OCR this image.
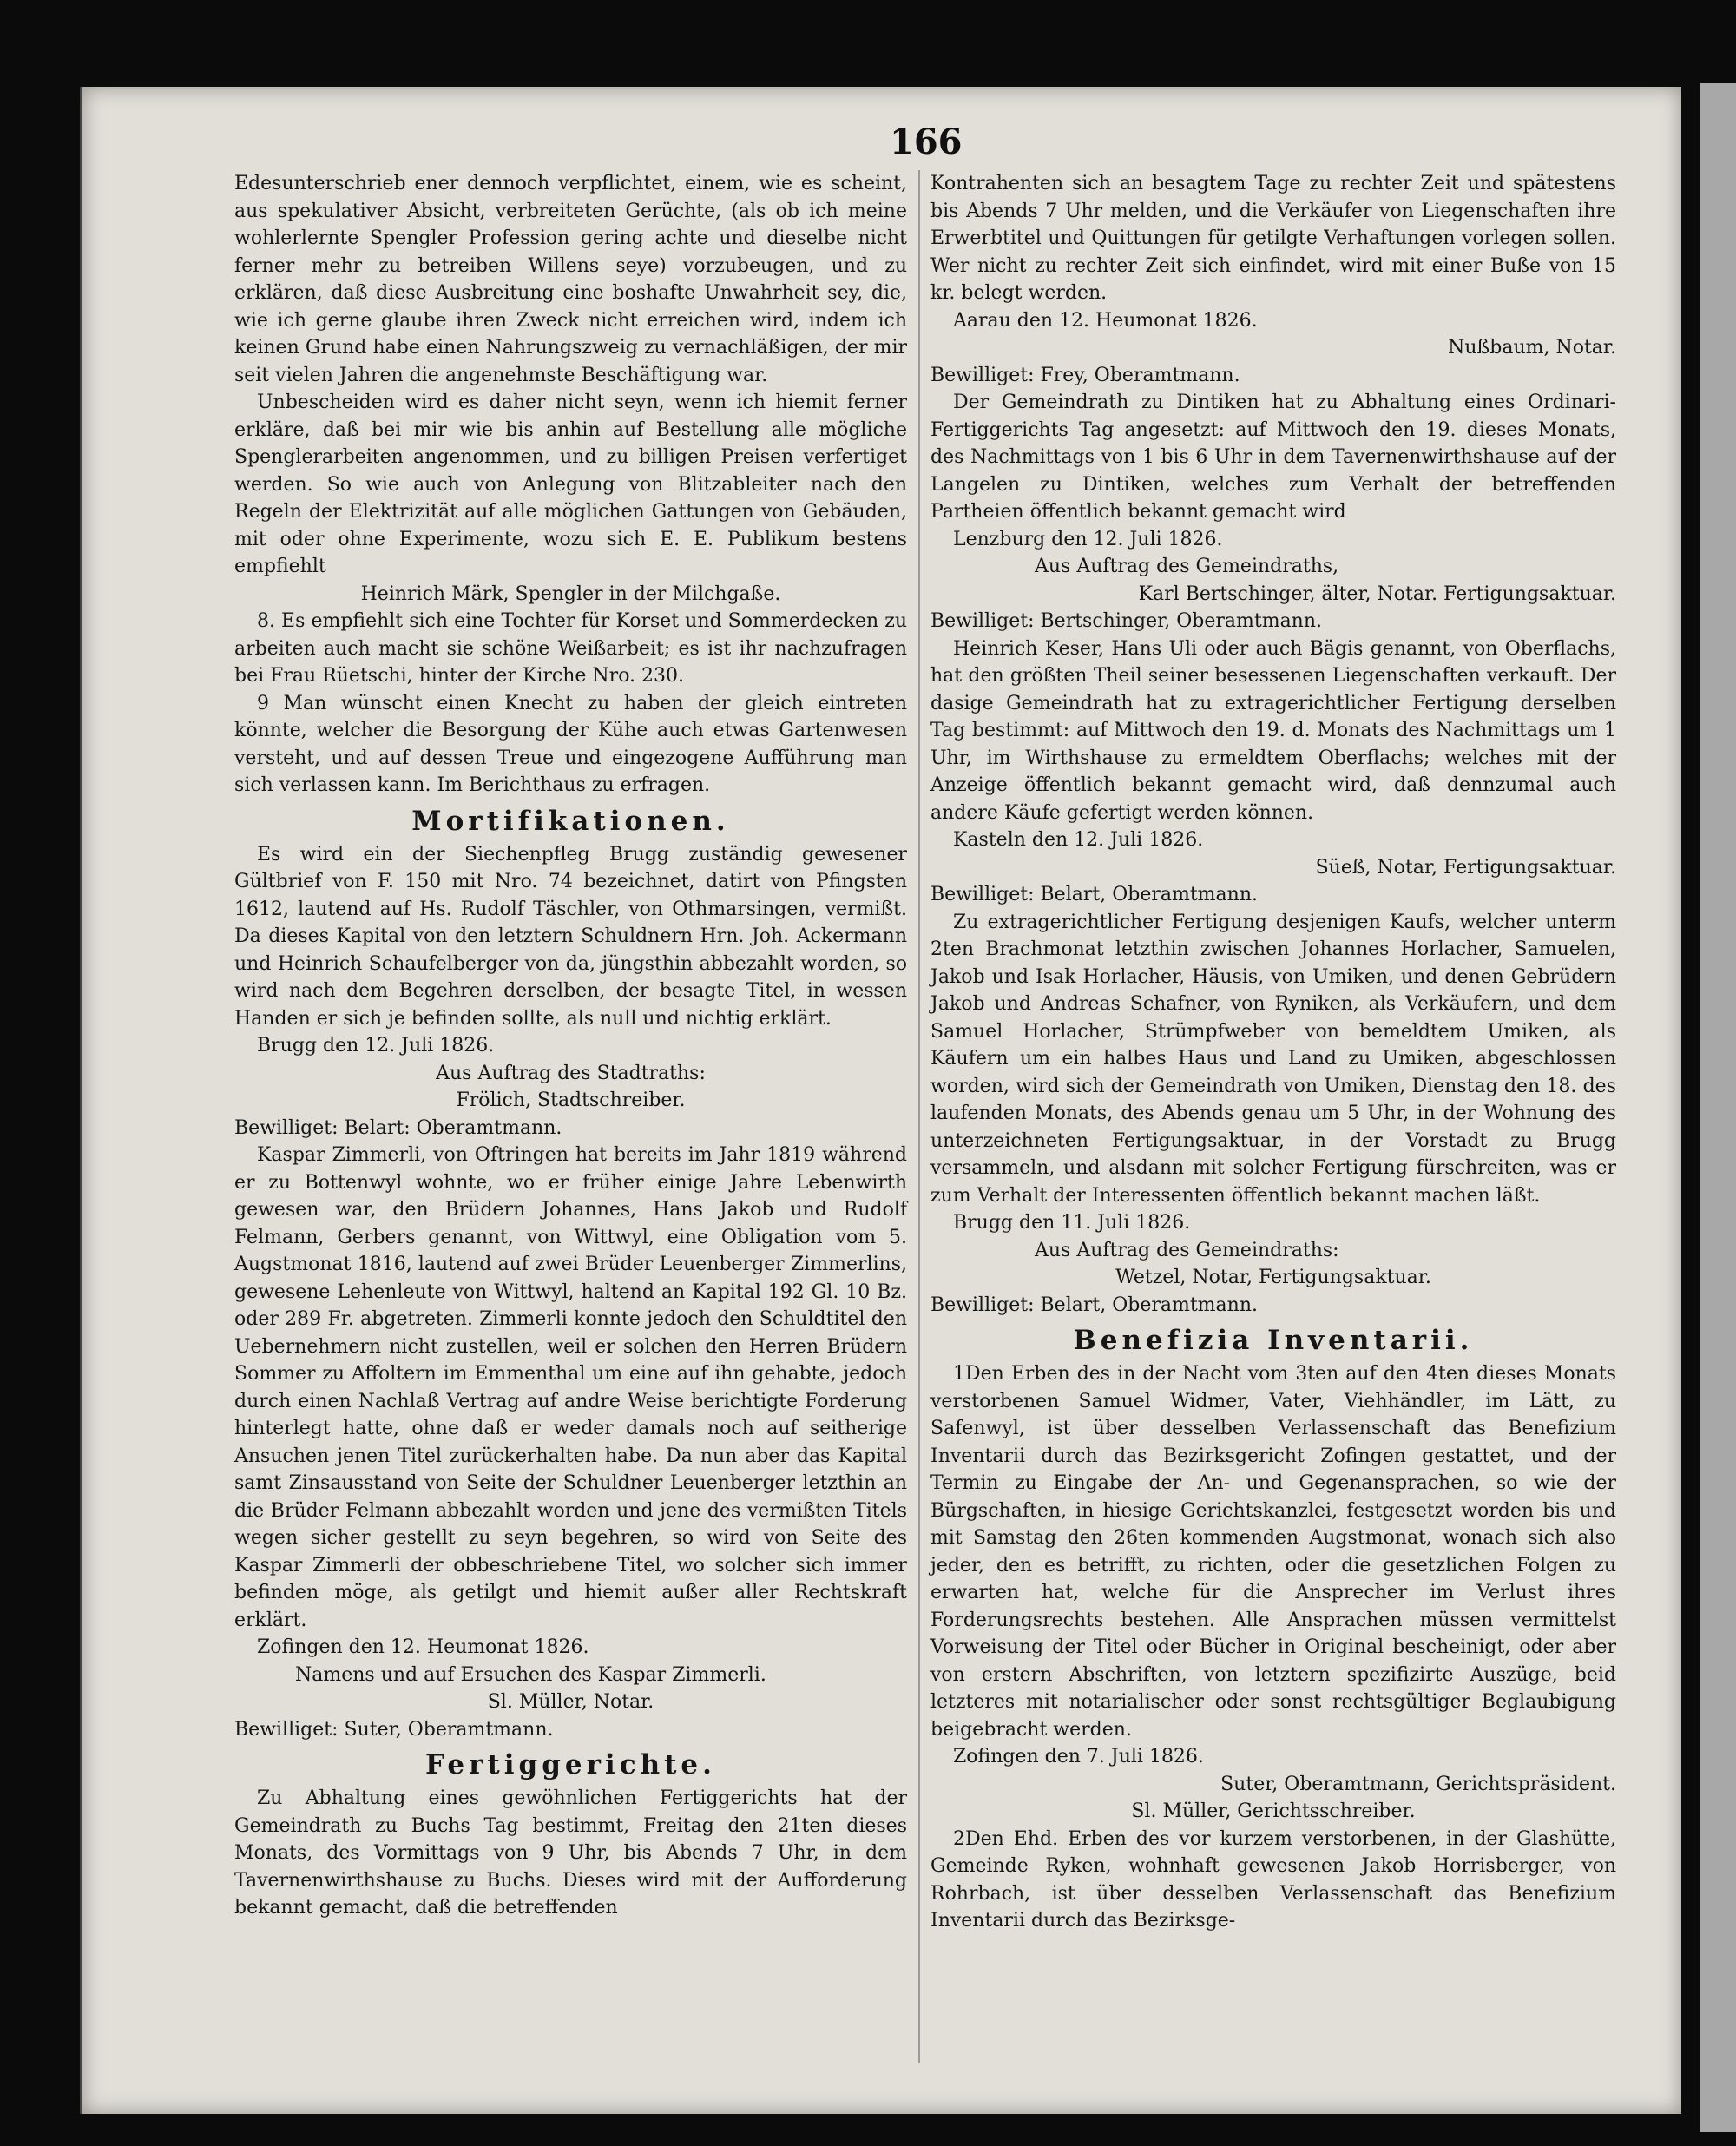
166

Edesunterschrieb ener dennoch verpflichtet, einem, wie es scheint, aus spekulativer Absicht, verbreiteten Gerüchte, (als ob ich meine wohlerlernte Spengler Profession gering achte und dieselbe nicht ferner mehr zu betreiben Willens seye) vorzubeugen, und zu erklären, daß diese Ausbreitung eine boshafte Unwahrheit sey, die, wie ich gerne glaube ihren Zweck nicht erreichen wird, indem ich keinen Grund habe einen Nahrungszweig zu vernachläßigen, der mir seit vielen Jahren die angenehmste Beschäftigung war.

Unbescheiden wird es daher nicht seyn, wenn ich hiemit ferner erkläre, daß bei mir wie bis anhin auf Bestellung alle mögliche Spenglerarbeiten angenommen, und zu billigen Preisen verfertiget werden. So wie auch von Anlegung von Blitzableiter nach den Regeln der Elektrizität auf alle möglichen Gattungen von Gebäuden, mit oder ohne Experimente, wozu sich E. E. Publikum bestens empfiehlt

Heinrich Märk, Spengler in der Milchgaße.

8. Es empfiehlt sich eine Tochter für Korset und Sommerdecken zu arbeiten auch macht sie schöne Weißarbeit; es ist ihr nachzufragen bei Frau Rüetschi, hinter der Kirche Nro. 230.

9 Man wünscht einen Knecht zu haben der gleich eintreten könnte, welcher die Besorgung der Kühe auch etwas Gartenwesen versteht, und auf dessen Treue und eingezogene Aufführung man sich verlassen kann. Im Berichthaus zu erfragen.

Mortifikationen.

Es wird ein der Siechenpfleg Brugg zuständig gewesener Gültbrief von F. 150 mit Nro. 74 bezeichnet, datirt von Pfingsten 1612, lautend auf Hs. Rudolf Täschler, von Othmarsingen, vermißt. Da dieses Kapital von den letztern Schuldnern Hrn. Joh. Ackermann und Heinrich Schaufelberger von da, jüngsthin abbezahlt worden, so wird nach dem Begehren derselben, der besagte Titel, in wessen Handen er sich je befinden sollte, als null und nichtig erklärt.

Brugg den 12. Juli 1826.

Aus Auftrag des Stadtraths:

Frölich, Stadtschreiber.

Bewilliget: Belart: Oberamtmann.

Kaspar Zimmerli, von Oftringen hat bereits im Jahr 1819 während er zu Bottenwyl wohnte, wo er früher einige Jahre Lebenwirth gewesen war, den Brüdern Johannes, Hans Jakob und Rudolf Felmann, Gerbers genannt, von Wittwyl, eine Obligation vom 5. Augstmonat 1816, lautend auf zwei Brüder Leuenberger Zimmerlins, gewesene Lehenleute von Wittwyl, haltend an Kapital 192 Gl. 10 Bz. oder 289 Fr. abgetreten. Zimmerli konnte jedoch den Schuldtitel den Uebernehmern nicht zustellen, weil er solchen den Herren Brüdern Sommer zu Affoltern im Emmenthal um eine auf ihn gehabte, jedoch durch einen Nachlaß Vertrag auf andre Weise berichtigte Forderung hinterlegt hatte, ohne daß er weder damals noch auf seitherige Ansuchen jenen Titel zurückerhalten habe. Da nun aber das Kapital samt Zinsausstand von Seite der Schuldner Leuenberger letzthin an die Brüder Felmann abbezahlt worden und jene des vermißten Titels wegen sicher gestellt zu seyn begehren, so wird von Seite des Kaspar Zimmerli der obbeschriebene Titel, wo solcher sich immer befinden möge, als getilgt und hiemit außer aller Rechtskraft erklärt.

Zofingen den 12. Heumonat 1826.

Namens und auf Ersuchen des Kaspar Zimmerli.

Sl. Müller, Notar.

Bewilliget: Suter, Oberamtmann.

Fertiggerichte.

Zu Abhaltung eines gewöhnlichen Fertiggerichts hat der Gemeindrath zu Buchs Tag bestimmt, Freitag den 21ten dieses Monats, des Vormittags von 9 Uhr, bis Abends 7 Uhr, in dem Tavernenwirthshause zu Buchs. Dieses wird mit der Aufforderung bekannt gemacht, daß die betreffenden

Kontrahenten sich an besagtem Tage zu rechter Zeit und spätestens bis Abends 7 Uhr melden, und die Verkäufer von Liegenschaften ihre Erwerbtitel und Quittungen für getilgte Verhaftungen vorlegen sollen. Wer nicht zu rechter Zeit sich einfindet, wird mit einer Buße von 15 kr. belegt werden.

Aarau den 12. Heumonat 1826.

Nußbaum, Notar.

Bewilliget: Frey, Oberamtmann.

Der Gemeindrath zu Dintiken hat zu Abhaltung eines Ordinari-Fertiggerichts Tag angesetzt: auf Mittwoch den 19. dieses Monats, des Nachmittags von 1 bis 6 Uhr in dem Tavernenwirthshause auf der Langelen zu Dintiken, welches zum Verhalt der betreffenden Partheien öffentlich bekannt gemacht wird

Lenzburg den 12. Juli 1826.

Aus Auftrag des Gemeindraths,

Karl Bertschinger, älter, Notar. Fertigungsaktuar.

Bewilliget: Bertschinger, Oberamtmann.

Heinrich Keser, Hans Uli oder auch Bägis genannt, von Oberflachs, hat den größten Theil seiner besessenen Liegenschaften verkauft. Der dasige Gemeindrath hat zu extragerichtlicher Fertigung derselben Tag bestimmt: auf Mittwoch den 19. d. Monats des Nachmittags um 1 Uhr, im Wirthshause zu ermeldtem Oberflachs; welches mit der Anzeige öffentlich bekannt gemacht wird, daß dennzumal auch andere Käufe gefertigt werden können.

Kasteln den 12. Juli 1826.

Süeß, Notar, Fertigungsaktuar.

Bewilliget: Belart, Oberamtmann.

Zu extragerichtlicher Fertigung desjenigen Kaufs, welcher unterm 2ten Brachmonat letzthin zwischen Johannes Horlacher, Samuelen, Jakob und Isak Horlacher, Häusis, von Umiken, und denen Gebrüdern Jakob und Andreas Schafner, von Ryniken, als Verkäufern, und dem Samuel Horlacher, Strümpfweber von bemeldtem Umiken, als Käufern um ein halbes Haus und Land zu Umiken, abgeschlossen worden, wird sich der Gemeindrath von Umiken, Dienstag den 18. des laufenden Monats, des Abends genau um 5 Uhr, in der Wohnung des unterzeichneten Fertigungsaktuar, in der Vorstadt zu Brugg versammeln, und alsdann mit solcher Fertigung fürschreiten, was er zum Verhalt der Interessenten öffentlich bekannt machen läßt.

Brugg den 11. Juli 1826.

Aus Auftrag des Gemeindraths:

Wetzel, Notar, Fertigungsaktuar.

Bewilliget: Belart, Oberamtmann.

Benefizia Inventarii.

1Den Erben des in der Nacht vom 3ten auf den 4ten dieses Monats verstorbenen Samuel Widmer, Vater, Viehhändler, im Lätt, zu Safenwyl, ist über desselben Verlassenschaft das Benefizium Inventarii durch das Bezirksgericht Zofingen gestattet, und der Termin zu Eingabe der An- und Gegenansprachen, so wie der Bürgschaften, in hiesige Gerichtskanzlei, festgesetzt worden bis und mit Samstag den 26ten kommenden Augstmonat, wonach sich also jeder, den es betrifft, zu richten, oder die gesetzlichen Folgen zu erwarten hat, welche für die Ansprecher im Verlust ihres Forderungsrechts bestehen. Alle Ansprachen müssen vermittelst Vorweisung der Titel oder Bücher in Original bescheinigt, oder aber von erstern Abschriften, von letztern spezifizirte Auszüge, beid letzteres mit notarialischer oder sonst rechtsgültiger Beglaubigung beigebracht werden.

Zofingen den 7. Juli 1826.

Suter, Oberamtmann, Gerichtspräsident.

Sl. Müller, Gerichtsschreiber.

2Den Ehd. Erben des vor kurzem verstorbenen, in der Glashütte, Gemeinde Ryken, wohnhaft gewesenen Jakob Horrisberger, von Rohrbach, ist über desselben Verlassenschaft das Benefizium Inventarii durch das Bezirksge-
